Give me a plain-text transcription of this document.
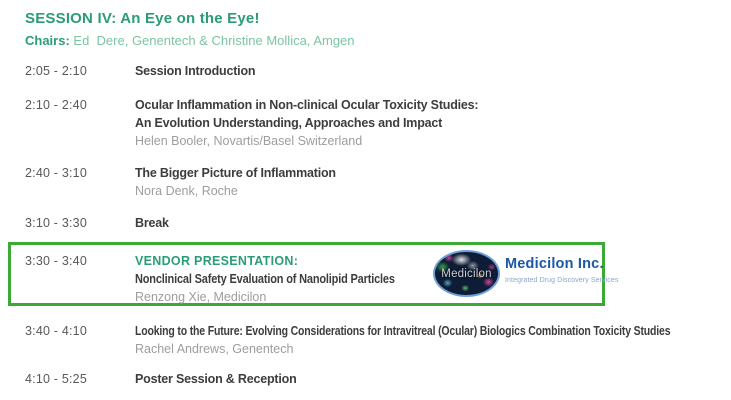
SESSION IV: An Eye on the Eye!
Chairs: Ed  Dere, Genentech & Christine Mollica, Amgen
2:05 - 2:10	Session Introduction
2:10 - 2:40	Ocular Inflammation in Non-clinical Ocular Toxicity Studies:
An Evolution Understanding, Approaches and Impact
Helen Booler, Novartis/Basel Switzerland
2:40 - 3:10	The Bigger Picture of Inflammation
Nora Denk, Roche
3:10 - 3:30	Break
3:30 - 3:40	VENDOR PRESENTATION:
Nonclinical Safety Evaluation of Nanolipid Particles
Renzong Xie, Medicilon
Medicilon
Medicilon Inc.
Integrated Drug Discovery Services
3:40 - 4:10	Looking to the Future: Evolving Considerations for Intravitreal (Ocular) Biologics Combination Toxicity Studies
Rachel Andrews, Genentech
4:10 - 5:25	Poster Session & Reception
